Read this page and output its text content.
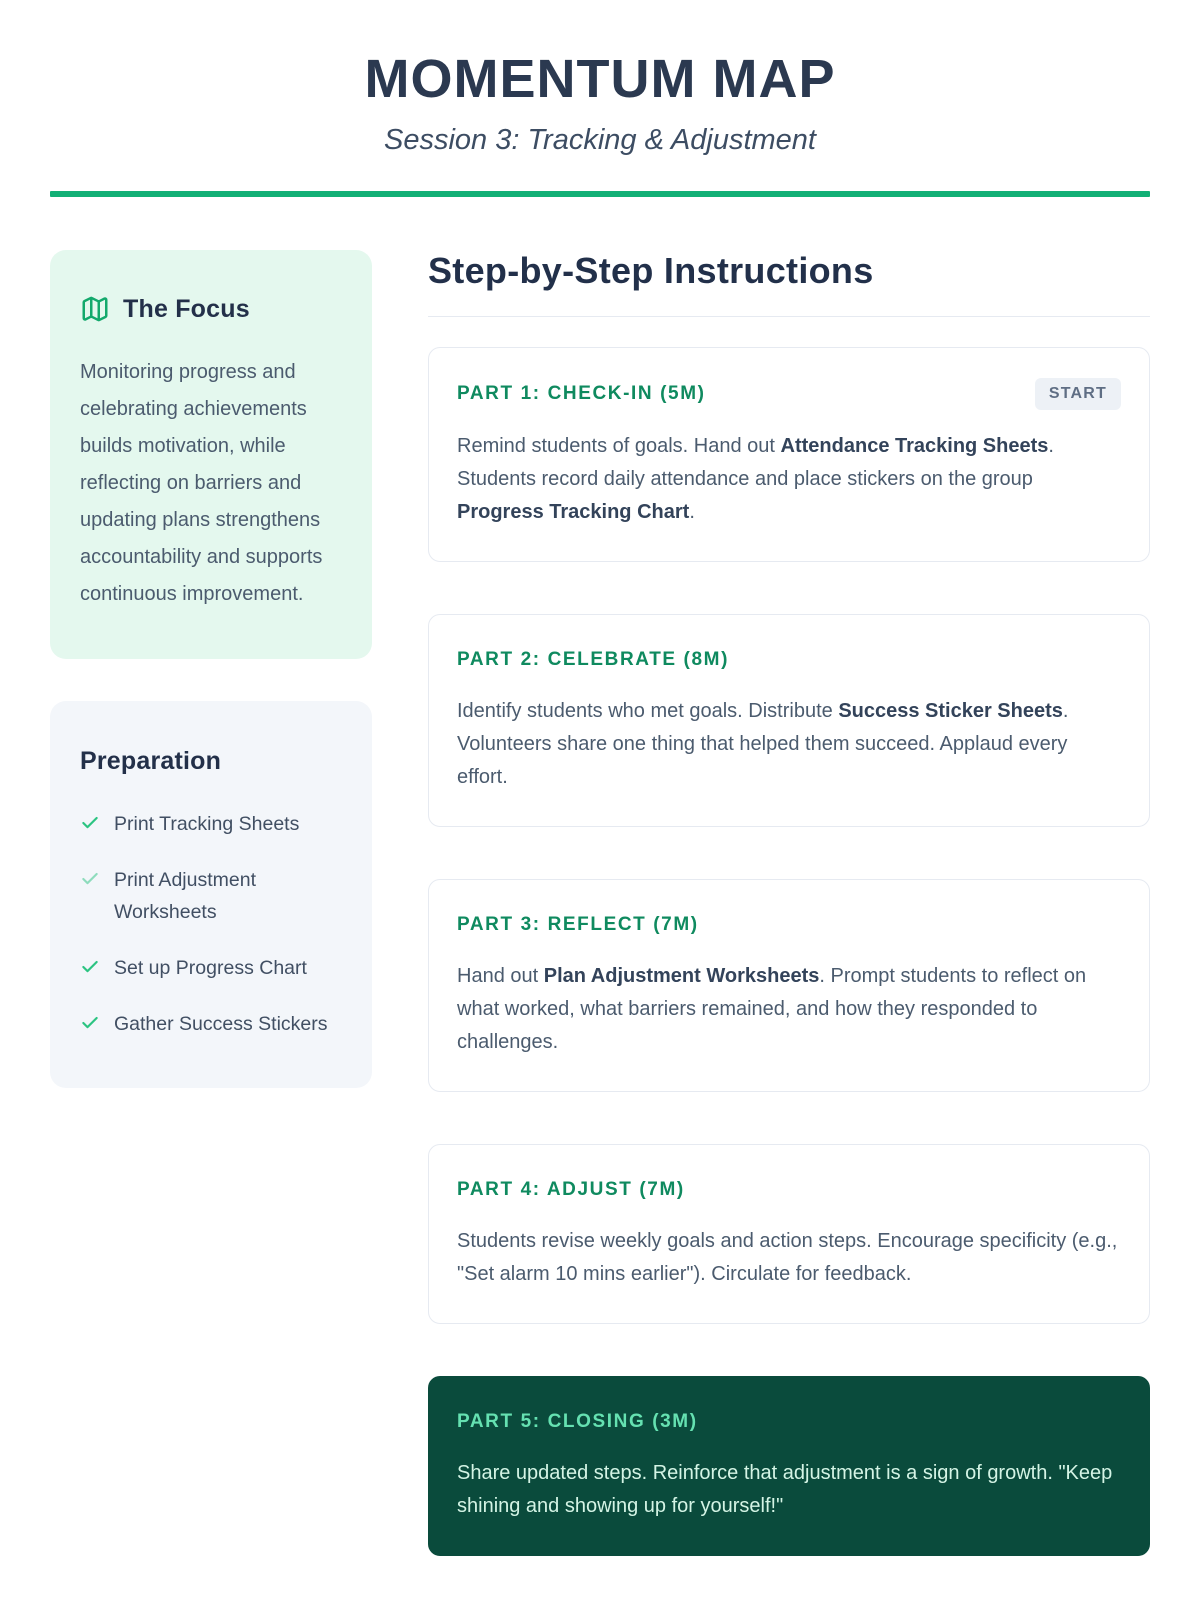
MOMENTUM MAP
Session 3: Tracking & Adjustment
The Focus

Monitoring progress and celebrating achievements builds motivation, while reflecting on barriers and updating plans strengthens accountability and supports continuous improvement.

Preparation
Print Tracking Sheets
Print Adjustment Worksheets
Set up Progress Chart
Gather Success Stickers
Step-by-Step Instructions
PART 1: CHECK-IN (5M)	START

Remind students of goals. Hand out Attendance Tracking Sheets. Students record daily attendance and place stickers on the group Progress Tracking Chart.

PART 2: CELEBRATE (8M)

Identify students who met goals. Distribute Success Sticker Sheets. Volunteers share one thing that helped them succeed. Applaud every effort.

PART 3: REFLECT (7M)

Hand out Plan Adjustment Worksheets. Prompt students to reflect on what worked, what barriers remained, and how they responded to challenges.

PART 4: ADJUST (7M)

Students revise weekly goals and action steps. Encourage specificity (e.g., "Set alarm 10 mins earlier"). Circulate for feedback.

PART 5: CLOSING (3M)

Share updated steps. Reinforce that adjustment is a sign of growth. "Keep shining and showing up for yourself!"
